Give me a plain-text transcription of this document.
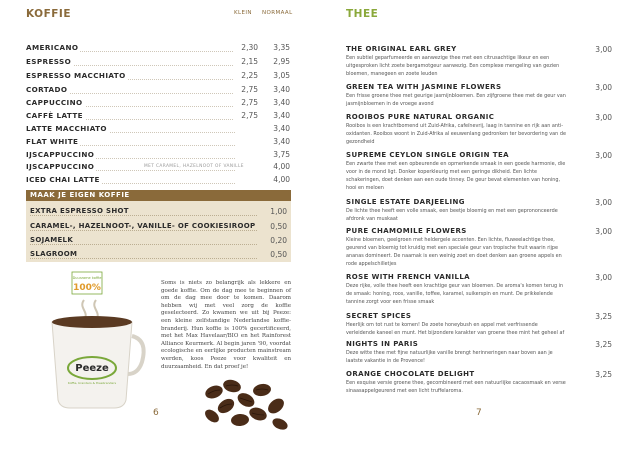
KOFFIE	KLEIN NORMAAL
AMERICANO	2,30	3,35
ESPRESSO	2,15	2,95
ESPRESSO MACCHIATO	2,25	3,05
CORTADO	2,75	3,40
CAPPUCCINO	2,75	3,40
CAFFÈ LATTE	2,75	3,40
LATTE MACCHIATO	3,40
FLAT WHITE	3,40
IJSCAPPUCCINO	3,75
IJSCAPPUCCINO	MET CARAMEL, HAZELNOOT OF VANILLE	4,00
ICED CHAI LATTE	4,00
MAAK JE EIGEN KOFFIE
EXTRA ESPRESSO SHOT	1,00
CARAMEL-, HAZELNOOT-, VANILLE- OF COOKIESIROOP 0,50
SOJAMELK	0,20
SLAGROOM	0,50
Duurzame koffie
100%
Peeze
Koffie, branders & theebranders
Soms is niets zo belangrijk als lekkere en goede koffie. Om de dag mee te beginnen of om de dag mee door te komen. Daarom hebben wij met veel zorg de koffie geselecteerd. Zo kwamen we uit bij Peeze: een kleine zelfstandige Nederlandse koffie-branderij. Hun koffie is 100% gecertificeerd, met het Max Havelaar/BIO en het Rainforest Alliance Keurmerk. Al begin jaren '90, voordat ecologische en eerlijke producten mainstream werden, koos Peeze voor kwaliteit en duurzaamheid. En dat proef je!
6
THEE
THE ORIGINAL EARL GREY	3,00
Een subtiel geparfumeerde en aanwezige thee met een citrusachtige likeur en een uitgesproken licht zoete bergamotgeur aanwezig. Een complexe mengeling van gezien bloemen, manegeen en zoete leuden
GREEN TEA WITH JASMINE FLOWERS	3,00
Een frisse groene thee met geurige jasmijnbloemen. Een zijfgroene thee met de geur van jasmijnbloemen in de vroege avond
ROOIBOS PURE NATURAL ORGANIC	3,00
Rooibos is een krachtbomend uit Zuid-Afrika, cafeïnevrij, laag in tannine en rijk aan anti-oxidanten. Rooibos woont in Zuid-Afrika al eeuwenlang gedronken ter bevordering van de gezondheid
SUPREME CEYLON SINGLE ORIGIN TEA	3,00
Een zwarte thee met een opbeurende en opmerkende smaak in een goede harmonie, die voor in de mond ligt. Donker koperkleurig met een geringe dikheid. Een lichte schakeringen, doet denken aan een oude tinney. De geur bevat elementen van honing, hooi en meloen
SINGLE ESTATE DARJEELING	3,00
De lichte thee heeft een volle smaak, een beetje bloemig en met een geprononceerde afdronk van muskaat
PURE CHAMOMILE FLOWERS	3,00
Kleine bloemen, geelgroen met heldergele accenten. Een lichte, fluweelachtige thee, geurend van bloemig tot kruidig met een speciale geur van tropische fruit waarin rijpe ananas domineert. De naamak is een weinig zoet en doet denken aan groene appels en rode appelschilletjes
ROSE WITH FRENCH VANILLA	3,00
Deze rijke, volle thee heeft een krachtige geur van bloemen. De aroma's komen terug in de smaak: honing, roos, vanille, toffee, karamel, suikerspin en munt. De prikkelende tannine zorgt voor een frisse smaak
SECRET SPICES	3,25
Heerlijk om tot rust te komen! De zoete honeybush en appel met verfrissende verleidende kaneel en munt. Het bijzondere karakter van groene thee mint het geheel af
NIGHTS IN PARIS	3,25
Deze witte thee met fijne natuurlijke vanille brengt herinneringen naar boven aan je laatste vakantie in de Provence!
ORANGE CHOCOLATE DELIGHT	3,25
Een exquise versie groene thee, gecombineerd met een natuurlijke cacaosmaak en verse sinaasappelgeurend met een licht truffelaroma.
7
